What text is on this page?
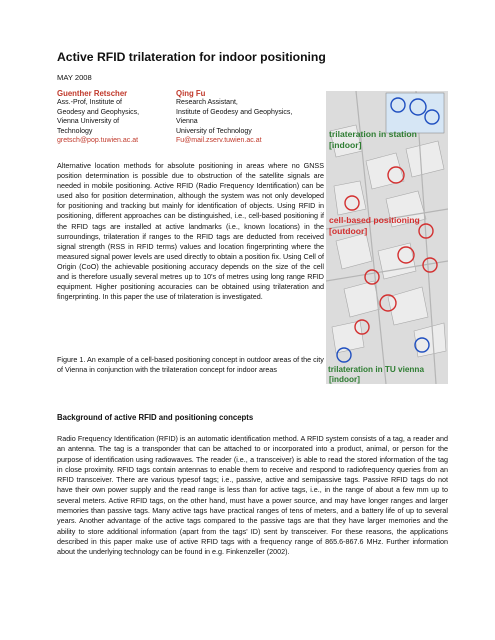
Active RFID trilateration for indoor positioning
MAY 2008
Guenther Retscher
Ass.-Prof, Institute of
Geodesy and Geophysics,
Vienna University of
Technology
gretsch@pop.tuwien.ac.at
Qing Fu
Research Assistant,
Institute of Geodesy and Geophysics,
Vienna
University of Technology
Fu@mail.zserv.tuwien.ac.at

Alternative location methods for absolute positioning in areas where no GNSS position determination is possible due to obstruction of the satellite signals are needed in mobile positioning. Active RFID (Radio Frequency Identification) can be used also for position determination, although the system was not only developed for positioning and tracking but mainly for identification of objects. Using RFID in positioning, different approaches can be distinguished, i.e., cell-based positioning if the RFID tags are installed at active landmarks (i.e., known locations) in the surroundings, trilateration if ranges to the RFID tags are deducted from received signal strength (RSS in RFID terms) values and location fingerprinting where the measured signal power levels are used directly to obtain a position fix. Using Cell of Origin (CoO) the achievable positioning accuracy depends on the size of the cell and is therefore usually several metres up to 10's of metres using long range RFID equipment. Higher positioning accuracies can be obtained using trilateration and fingerprinting. In this paper the use of trilateration is investigated.

Figure 1. An example of a cell-based positioning concept in outdoor areas of the city of Vienna in conjunction with the trilateration concept for indoor areas

Background of active RFID and positioning concepts

Radio Frequency Identification (RFID) is an automatic identification method. A RFID system consists of a tag, a reader and an antenna. The tag is a transponder that can be attached to or incorporated into a product, animal, or person for the purpose of identification using radiowaves. The reader (i.e., a transceiver) is able to read the stored information of the tag in close proximity. RFID tags contain antennas to enable them to receive and respond to radiofrequency queries from an RFID transceiver. There are various typesof tags; i.e., passive, active and semipassive tags. Passive RFID tags do not have their own power supply and the read range is less than for active tags, i.e., in the range of about a few mm up to several meters. Active RFID tags, on the other hand, must have a power source, and may have longer ranges and larger memories than passive tags. Many active tags have practical ranges of tens of meters, and a battery life of up to several years. Another advantage of the active tags compared to the passive tags are that they have larger memories and the ability to store additional information (apart from the tags' ID) sent by transceiver. For these reasons, the applications described in this paper make use of active RFID tags with a frequency range of 865.6-867.6 MHz. Further information about the underlying technology can be found in e.g. Finkenzeller (2002).

trilateration in station
[indoor]
cell-based positioning
[outdoor]
trilateration in TU vienna
[indoor]
